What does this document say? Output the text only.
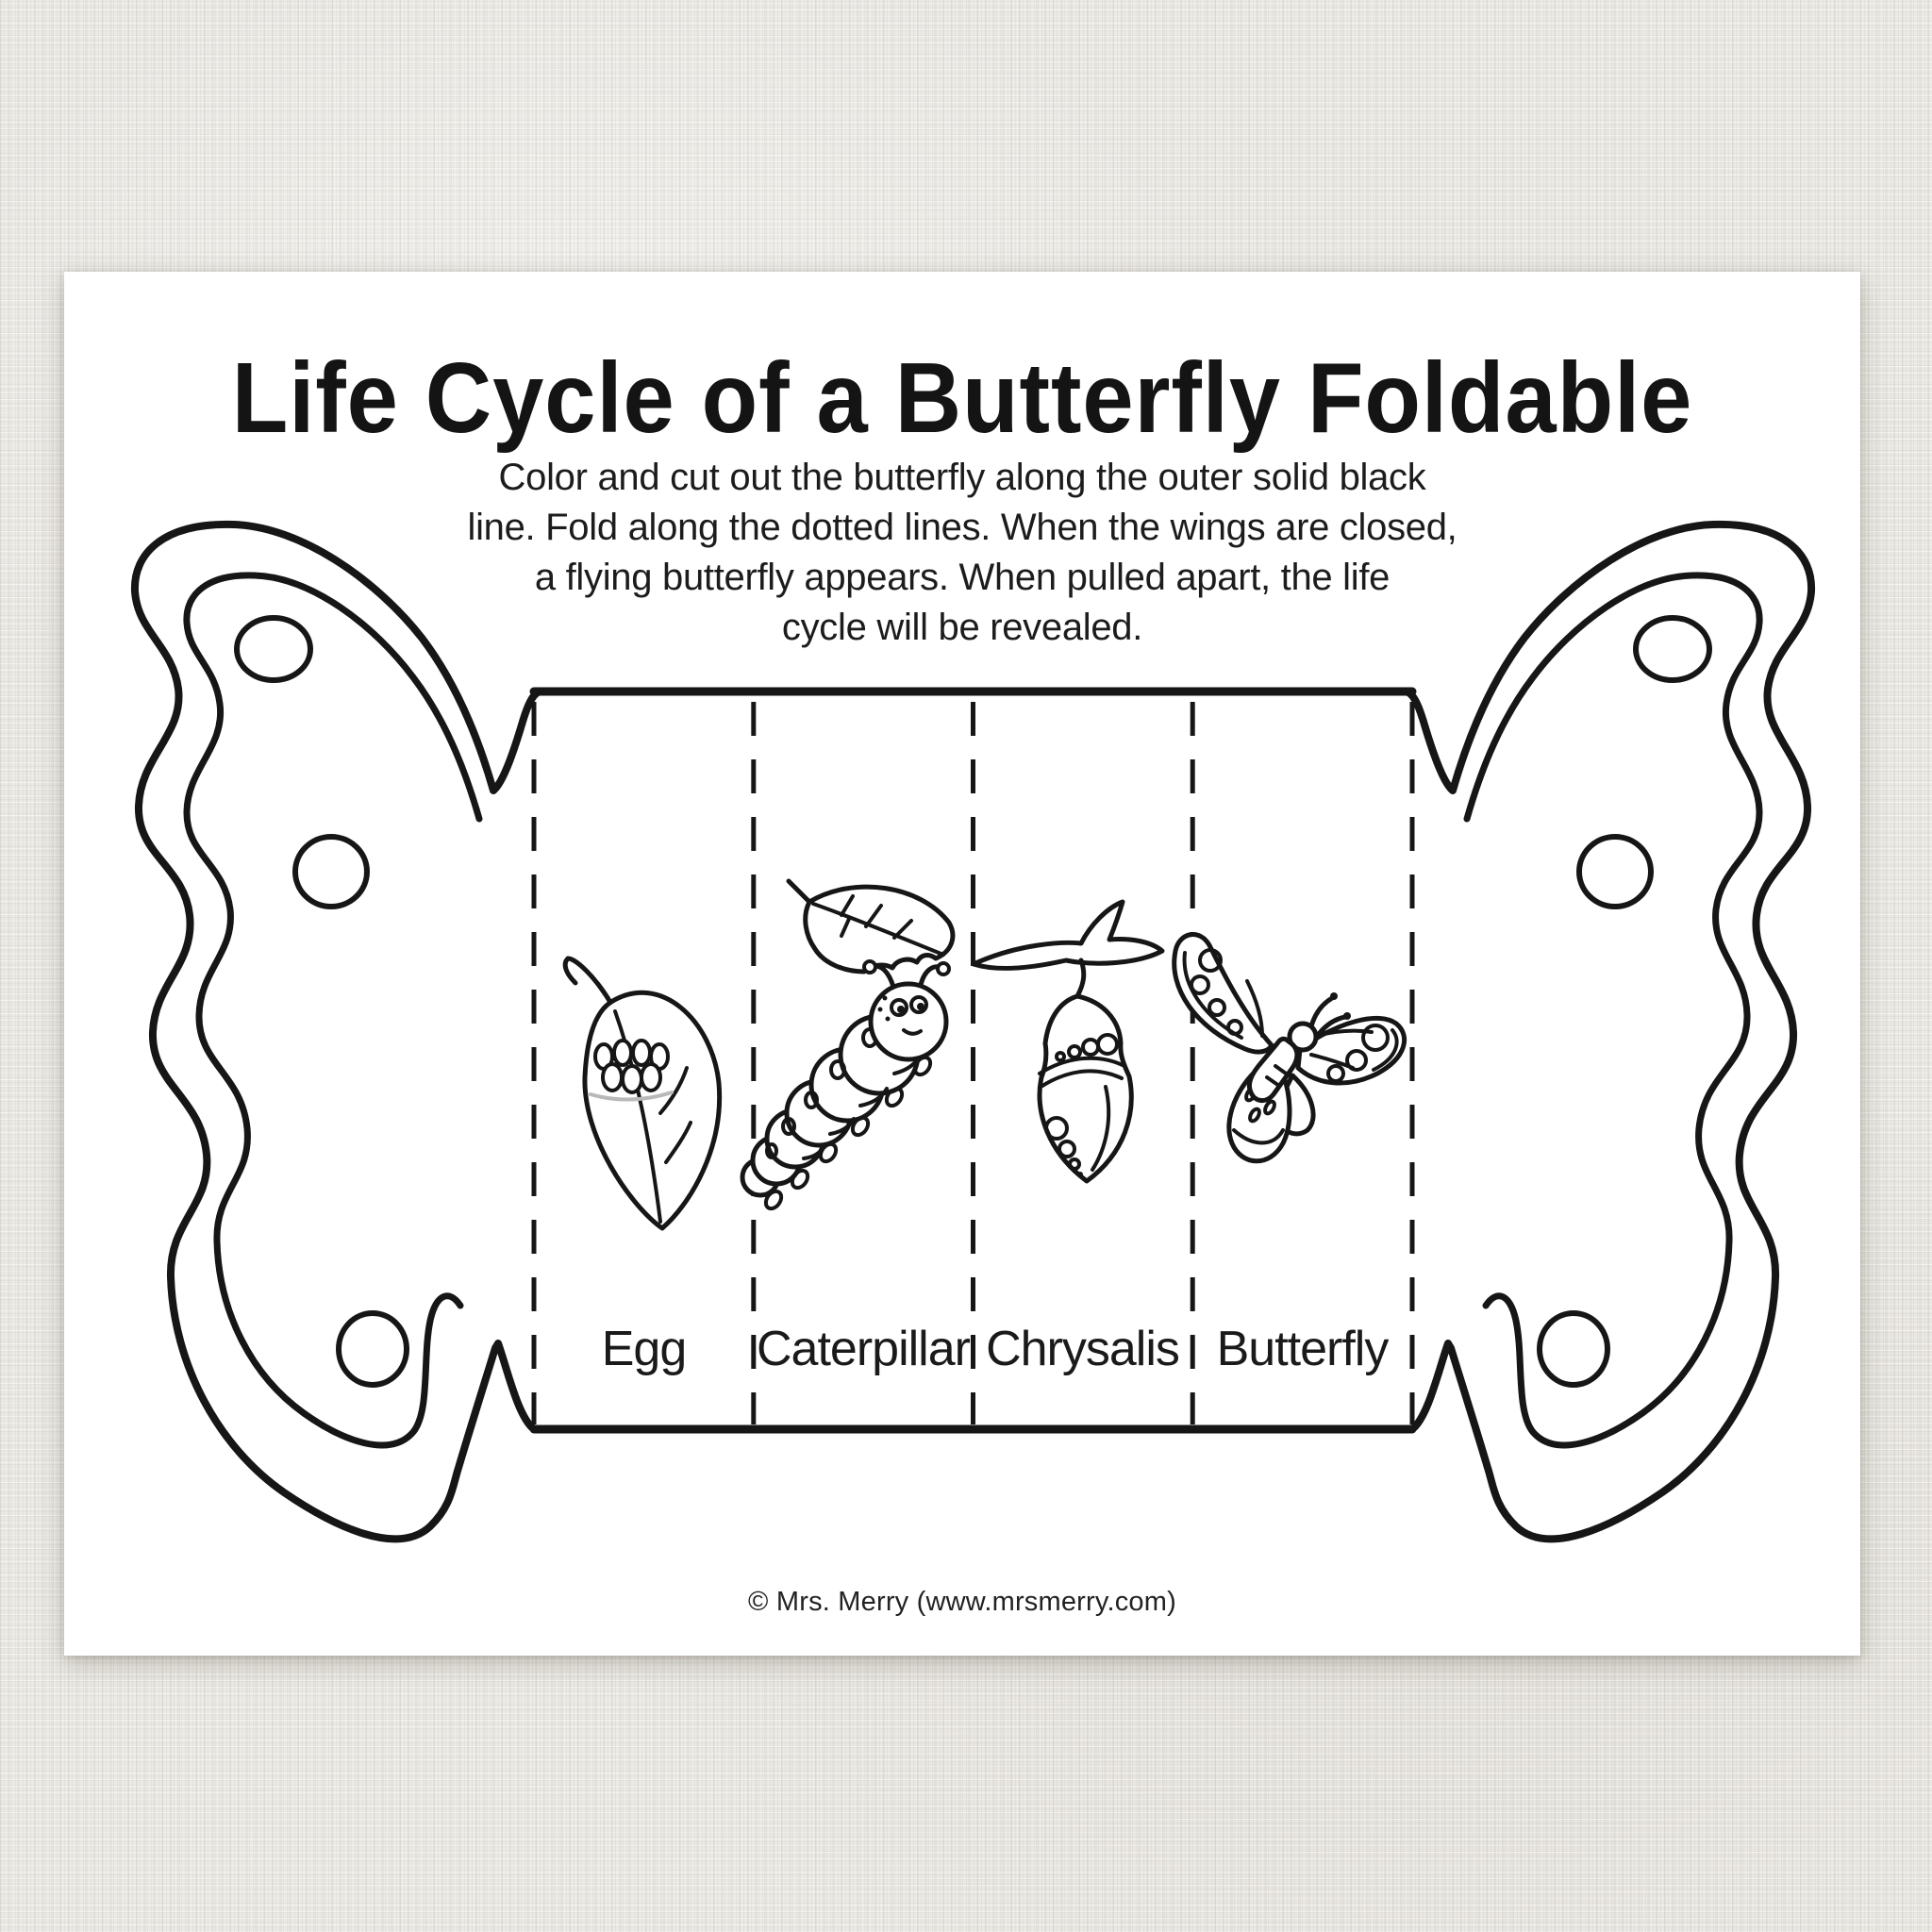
Life Cycle of a Butterfly Foldable
Color and cut out the butterfly along the outer solid black
line. Fold along the dotted lines. When the wings are closed,
a flying butterfly appears. When pulled apart, the life
cycle will be revealed.
Egg	Caterpillar Chrysalis Butterfly
© Mrs. Merry (www.mrsmerry.com)
